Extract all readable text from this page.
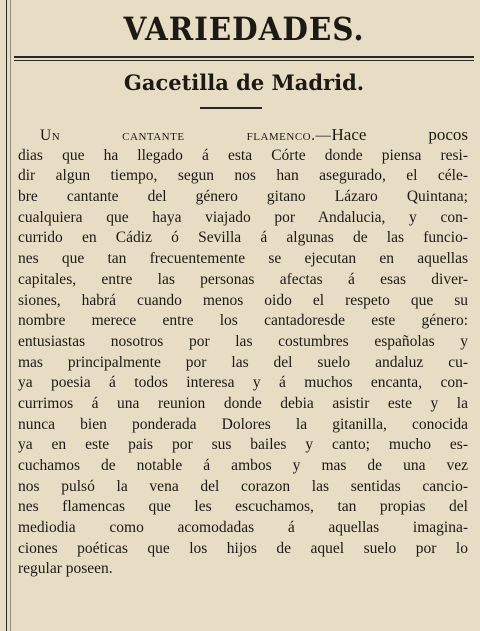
VARIEDADES.
Gacetilla de Madrid.
Un cantante flamenco.—Hace pocos
dias que ha llegado á esta Córte donde piensa resi-
dir algun tiempo, segun nos han asegurado, el céle-
bre cantante del género gitano Lázaro Quintana;
cualquiera que haya viajado por Andalucia, y con-
currido en Cádiz ó Sevilla á algunas de las funcio-
nes que tan frecuentemente se ejecutan en aquellas
capitales, entre las personas afectas á esas diver-
siones, habrá cuando menos oido el respeto que su
nombre merece entre los cantadoresde este género:
entusiastas nosotros por las costumbres españolas y
mas principalmente por las del suelo andaluz cu-
ya poesia á todos interesa y á muchos encanta, con-
currimos á una reunion donde debia asistir este y la
nunca bien ponderada Dolores la gitanilla, conocida
ya en este pais por sus bailes y canto; mucho es-
cuchamos de notable á ambos y mas de una vez
nos pulsó la vena del corazon las sentidas cancio-
nes flamencas que les escuchamos, tan propias del
mediodia como acomodadas á aquellas imagina-
ciones poéticas que los hijos de aquel suelo por lo
regular poseen.
